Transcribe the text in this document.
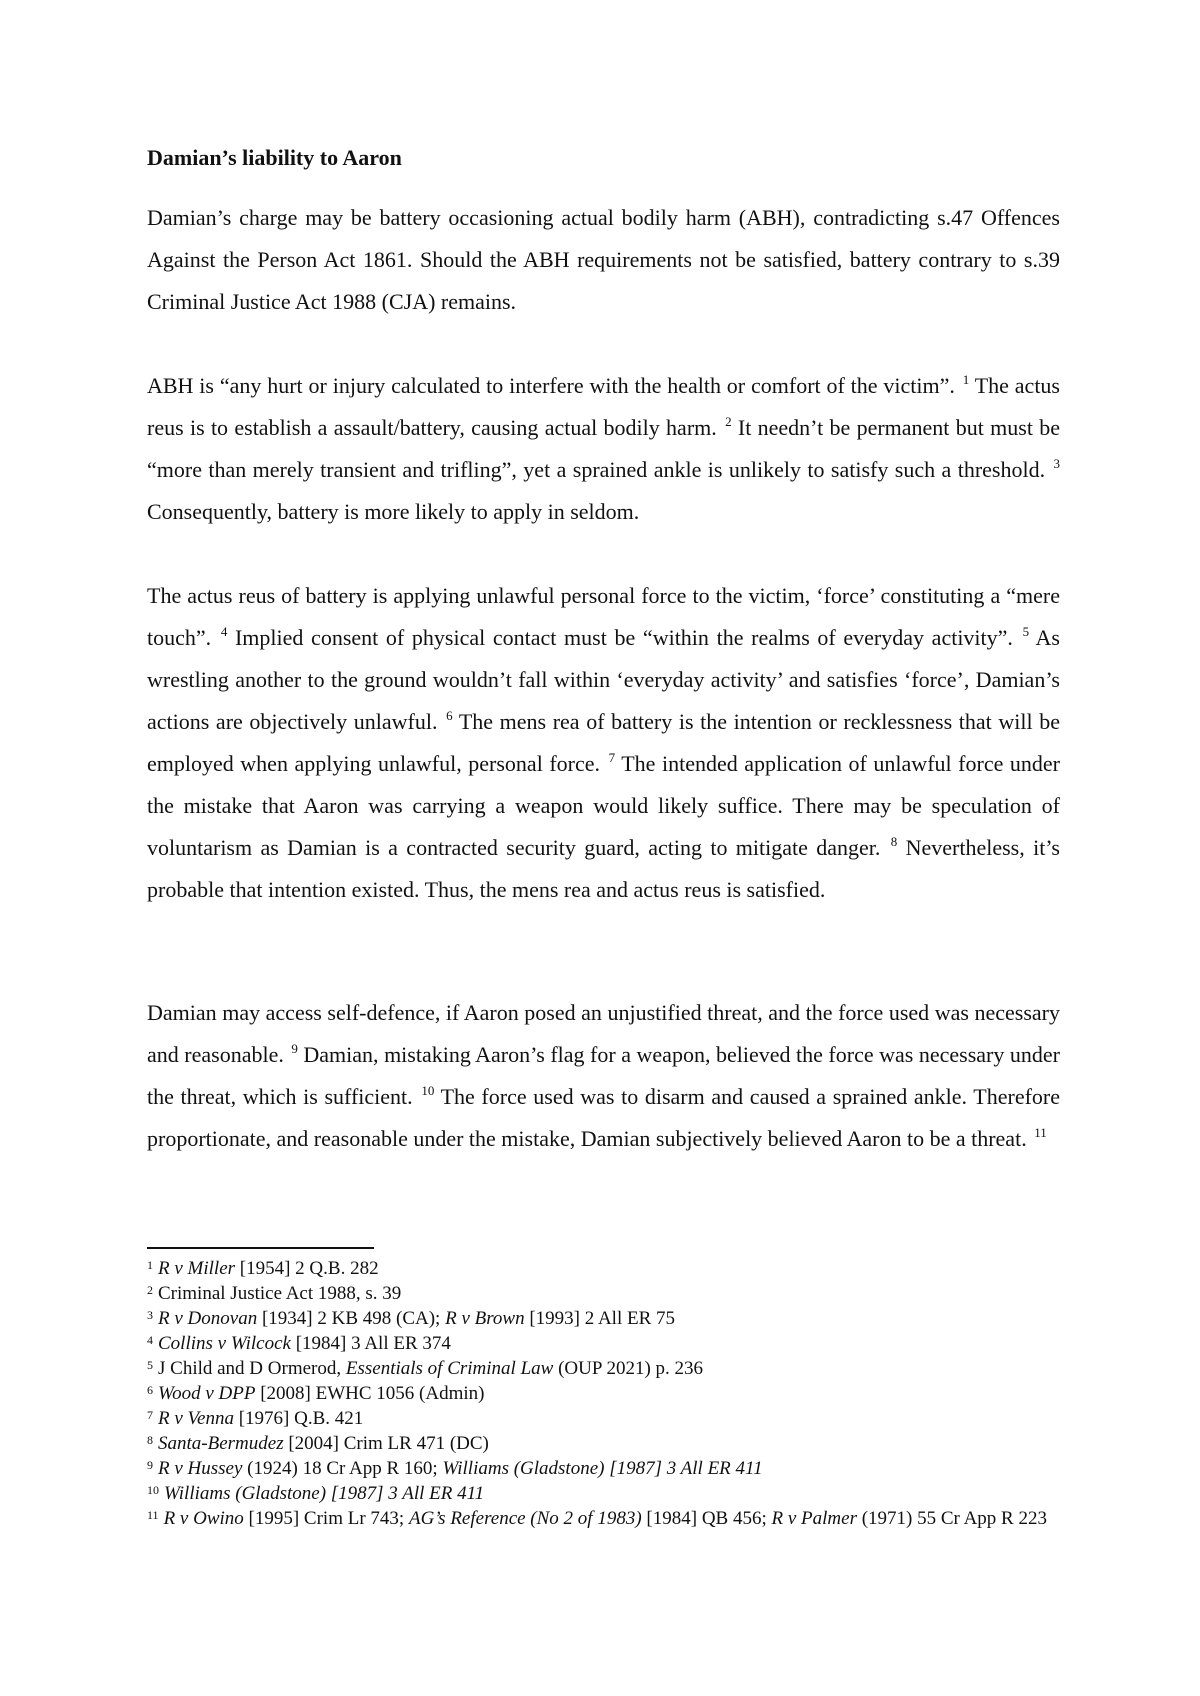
Damian’s liability to Aaron

Damian’s charge may be battery occasioning actual bodily harm (ABH), contradicting s.47 Offences Against the Person Act 1861. Should the ABH requirements not be satisfied, battery contrary to s.39 Criminal Justice Act 1988 (CJA) remains.

ABH is “any hurt or injury calculated to interfere with the health or comfort of the victim”. $^1$ The actus reus is to establish a assault/battery, causing actual bodily harm. $^2$ It needn’t be permanent but must be “more than merely transient and trifling”, yet a sprained ankle is unlikely to satisfy such a threshold. $^3$ Consequently, battery is more likely to apply in seldom.

The actus reus of battery is applying unlawful personal force to the victim, ‘force’ constituting a “mere touch”. $^4$ Implied consent of physical contact must be “within the realms of everyday activity”. $^5$ As wrestling another to the ground wouldn’t fall within ‘everyday activity’ and satisfies ‘force’, Damian’s actions are objectively unlawful. $^6$ The mens rea of battery is the intention or recklessness that will be employed when applying unlawful, personal force. $^7$ The intended application of unlawful force under the mistake that Aaron was carrying a weapon would likely suffice. There may be speculation of voluntarism as Damian is a contracted security guard, acting to mitigate danger. $^8$ Nevertheless, it’s probable that intention existed. Thus, the mens rea and actus reus is satisfied.

Damian may access self-defence, if Aaron posed an unjustified threat, and the force used was necessary and reasonable. $^9$ Damian, mistaking Aaron’s flag for a weapon, believed the force was necessary under the threat, which is sufficient. $^{10}$ The force used was to disarm and caused a sprained ankle. Therefore proportionate, and reasonable under the mistake, Damian subjectively believed Aaron to be a threat. $^{11}$

$^1$ R v Miller [1954] 2 Q.B. 282
$^2$ Criminal Justice Act 1988, s. 39
$^3$ R v Donovan [1934] 2 KB 498 (CA); R v Brown [1993] 2 All ER 75
$^4$ Collins v Wilcock [1984] 3 All ER 374
$^5$ J Child and D Ormerod, Essentials of Criminal Law (OUP 2021) p. 236
$^6$ Wood v DPP [2008] EWHC 1056 (Admin)
$^7$ R v Venna [1976] Q.B. 421
$^8$ Santa-Bermudez [2004] Crim LR 471 (DC)
$^9$ R v Hussey (1924) 18 Cr App R 160; Williams (Gladstone) [1987] 3 All ER 411
$^{10}$ Williams (Gladstone) [1987] 3 All ER 411
$^{11}$ R v Owino [1995] Crim Lr 743; AG’s Reference (No 2 of 1983) [1984] QB 456; R v Palmer (1971) 55 Cr App R 223
